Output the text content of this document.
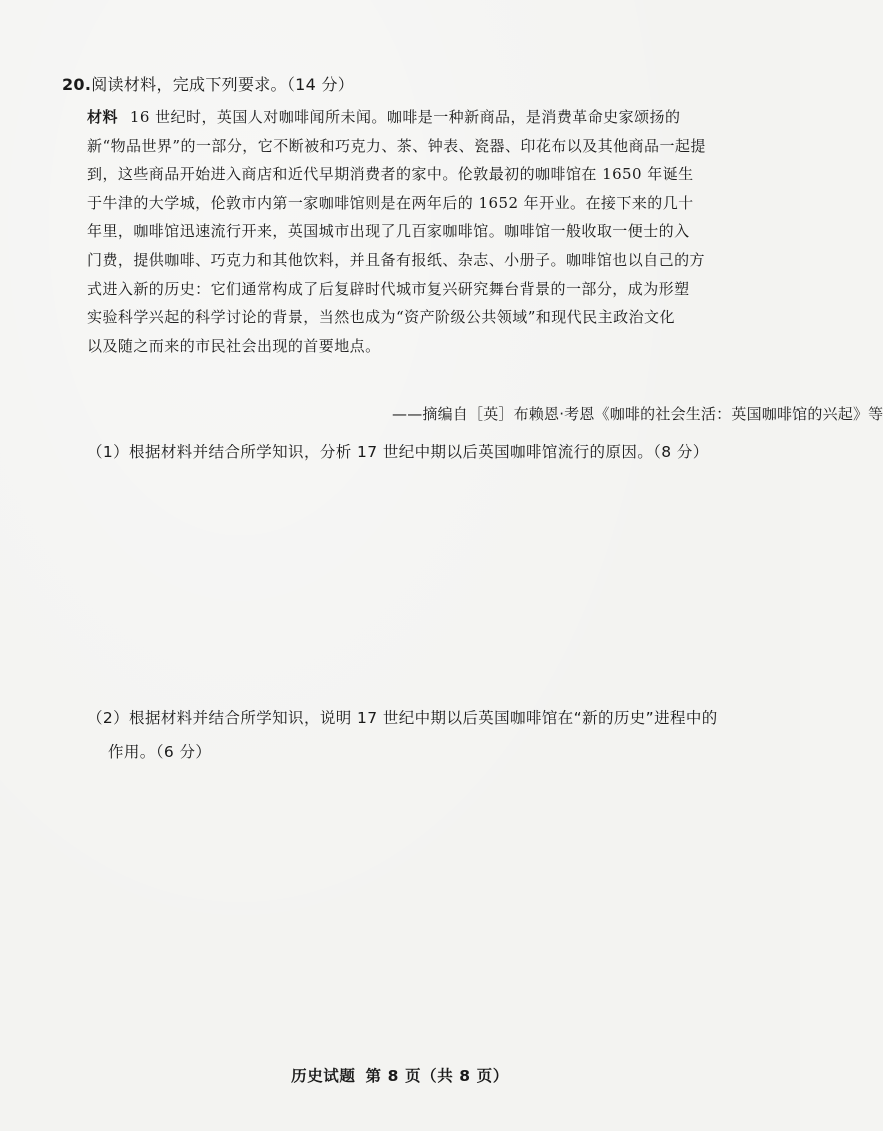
20.阅读材料，完成下列要求。（14 分）
材料 16 世纪时，英国人对咖啡闻所未闻。咖啡是一种新商品，是消费革命史家颂扬的
新“物品世界”的一部分，它不断被和巧克力、茶、钟表、瓷器、印花布以及其他商品一起提
到，这些商品开始进入商店和近代早期消费者的家中。伦敦最初的咖啡馆在 1650 年诞生
于牛津的大学城，伦敦市内第一家咖啡馆则是在两年后的 1652 年开业。在接下来的几十
年里，咖啡馆迅速流行开来，英国城市出现了几百家咖啡馆。咖啡馆一般收取一便士的入
门费，提供咖啡、巧克力和其他饮料，并且备有报纸、杂志、小册子。咖啡馆也以自己的方
式进入新的历史：它们通常构成了后复辟时代城市复兴研究舞台背景的一部分，成为形塑
实验科学兴起的科学讨论的背景，当然也成为“资产阶级公共领域”和现代民主政治文化
以及随之而来的市民社会出现的首要地点。
——摘编自［英］布赖恩·考恩《咖啡的社会生活：英国咖啡馆的兴起》等
（1）根据材料并结合所学知识，分析 17 世纪中期以后英国咖啡馆流行的原因。（8 分）
（2）根据材料并结合所学知识，说明 17 世纪中期以后英国咖啡馆在“新的历史”进程中的
作用。（6 分）
历史试题 第 8 页（共 8 页）
